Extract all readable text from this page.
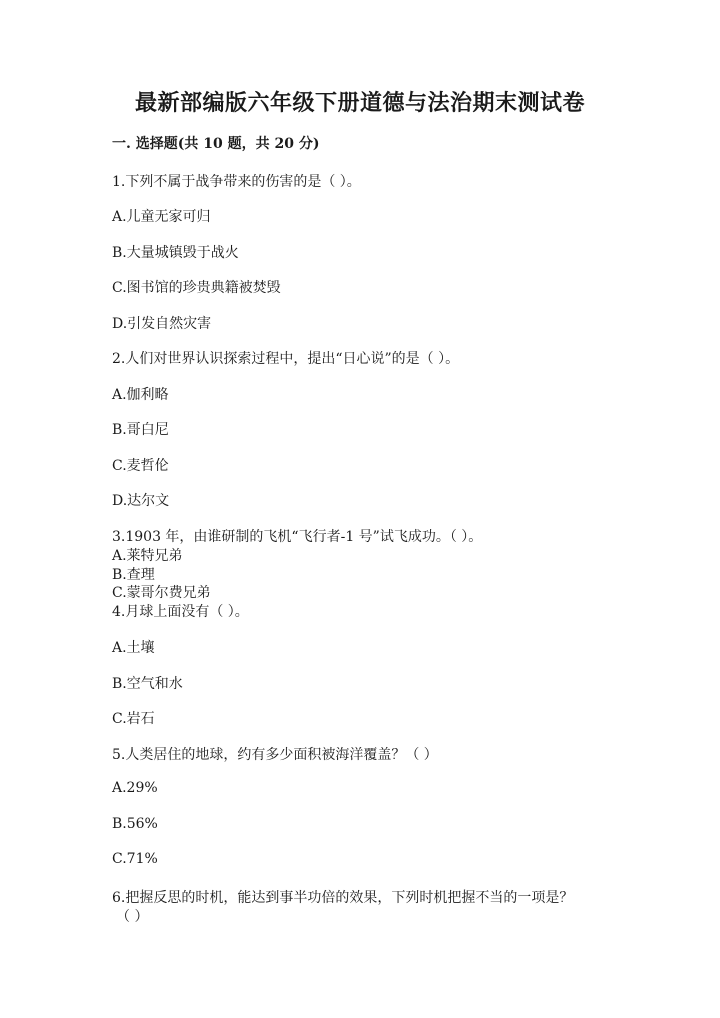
最新部编版六年级下册道德与法治期末测试卷
一. 选择题(共 10 题，共 20 分)
1.下列不属于战争带来的伤害的是（ ）。
A.儿童无家可归
B.大量城镇毁于战火
C.图书馆的珍贵典籍被焚毁
D.引发自然灾害
2.人们对世界认识探索过程中，提出“日心说”的是（ ）。
A.伽利略
B.哥白尼
C.麦哲伦
D.达尔文
3.1903 年，由谁研制的飞机“飞行者-1 号”试飞成功。（ ）。
A.莱特兄弟
B.查理
C.蒙哥尔费兄弟
4.月球上面没有（ ）。
A.土壤
B.空气和水
C.岩石
5.人类居住的地球，约有多少面积被海洋覆盖？（ ）
A.29%
B.56%
C.71%
6.把握反思的时机，能达到事半功倍的效果，下列时机把握不当的一项是？
（ ）
